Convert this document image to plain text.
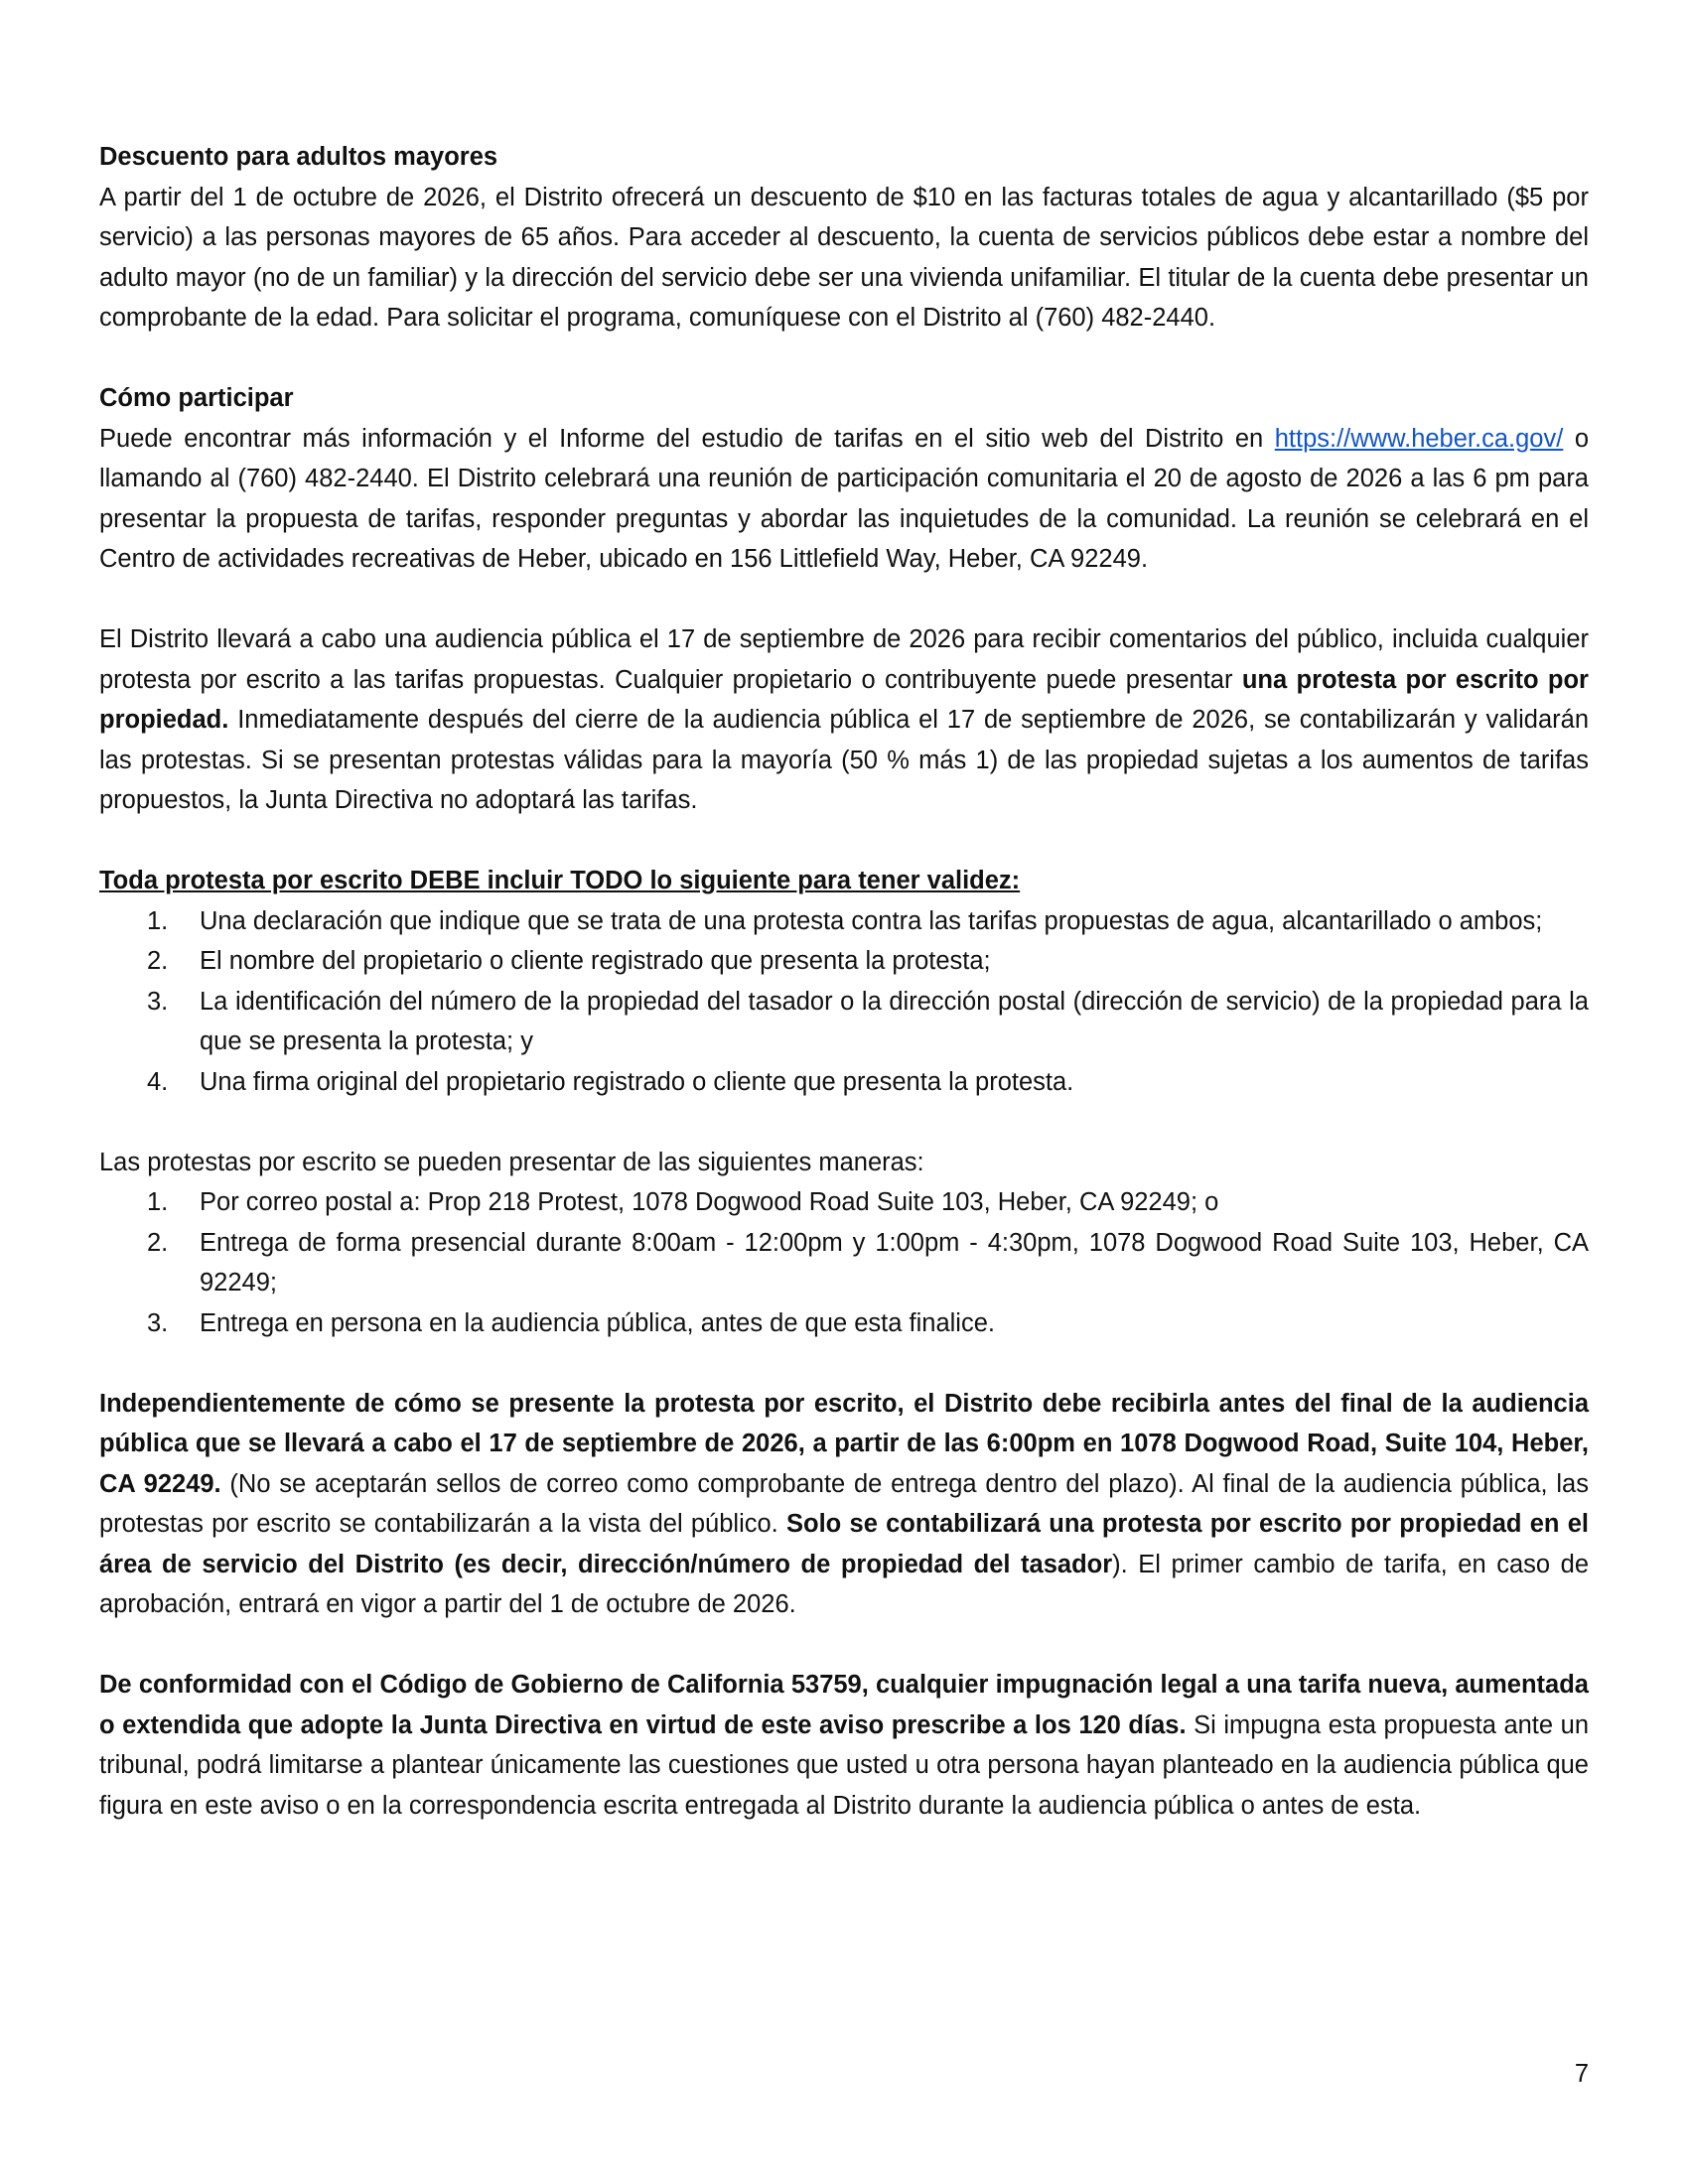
Descuento para adultos mayores

A partir del 1 de octubre de 2026, el Distrito ofrecerá un descuento de $10 en las facturas totales de agua y alcantarillado ($5 por servicio) a las personas mayores de 65 años. Para acceder al descuento, la cuenta de servicios públicos debe estar a nombre del adulto mayor (no de un familiar) y la dirección del servicio debe ser una vivienda unifamiliar. El titular de la cuenta debe presentar un comprobante de la edad. Para solicitar el programa, comuníquese con el Distrito al (760) 482-2440.

Cómo participar

Puede encontrar más información y el Informe del estudio de tarifas en el sitio web del Distrito en https://www.heber.ca.gov/ o llamando al (760) 482-2440. El Distrito celebrará una reunión de participación comunitaria el 20 de agosto de 2026 a las 6 pm para presentar la propuesta de tarifas, responder preguntas y abordar las inquietudes de la comunidad. La reunión se celebrará en el Centro de actividades recreativas de Heber, ubicado en 156 Littlefield Way, Heber, CA 92249.

El Distrito llevará a cabo una audiencia pública el 17 de septiembre de 2026 para recibir comentarios del público, incluida cualquier protesta por escrito a las tarifas propuestas. Cualquier propietario o contribuyente puede presentar una protesta por escrito por propiedad. Inmediatamente después del cierre de la audiencia pública el 17 de septiembre de 2026, se contabilizarán y validarán las protestas. Si se presentan protestas válidas para la mayoría (50 % más 1) de las propiedad sujetas a los aumentos de tarifas propuestos, la Junta Directiva no adoptará las tarifas.

Toda protesta por escrito DEBE incluir TODO lo siguiente para tener validez:

1. Una declaración que indique que se trata de una protesta contra las tarifas propuestas de agua, alcantarillado o ambos;
2. El nombre del propietario o cliente registrado que presenta la protesta;
3. La identificación del número de la propiedad del tasador o la dirección postal (dirección de servicio) de la propiedad para la que se presenta la protesta; y
4. Una firma original del propietario registrado o cliente que presenta la protesta.

Las protestas por escrito se pueden presentar de las siguientes maneras:

1. Por correo postal a: Prop 218 Protest, 1078 Dogwood Road Suite 103, Heber, CA 92249; o
2. Entrega de forma presencial durante 8:00am - 12:00pm y 1:00pm - 4:30pm, 1078 Dogwood Road Suite 103, Heber, CA 92249;
3. Entrega en persona en la audiencia pública, antes de que esta finalice.

Independientemente de cómo se presente la protesta por escrito, el Distrito debe recibirla antes del final de la audiencia pública que se llevará a cabo el 17 de septiembre de 2026, a partir de las 6:00pm en 1078 Dogwood Road, Suite 104, Heber, CA 92249. (No se aceptarán sellos de correo como comprobante de entrega dentro del plazo). Al final de la audiencia pública, las protestas por escrito se contabilizarán a la vista del público. Solo se contabilizará una protesta por escrito por propiedad en el área de servicio del Distrito (es decir, dirección/número de propiedad del tasador). El primer cambio de tarifa, en caso de aprobación, entrará en vigor a partir del 1 de octubre de 2026.

De conformidad con el Código de Gobierno de California 53759, cualquier impugnación legal a una tarifa nueva, aumentada o extendida que adopte la Junta Directiva en virtud de este aviso prescribe a los 120 días. Si impugna esta propuesta ante un tribunal, podrá limitarse a plantear únicamente las cuestiones que usted u otra persona hayan planteado en la audiencia pública que figura en este aviso o en la correspondencia escrita entregada al Distrito durante la audiencia pública o antes de esta.

7
